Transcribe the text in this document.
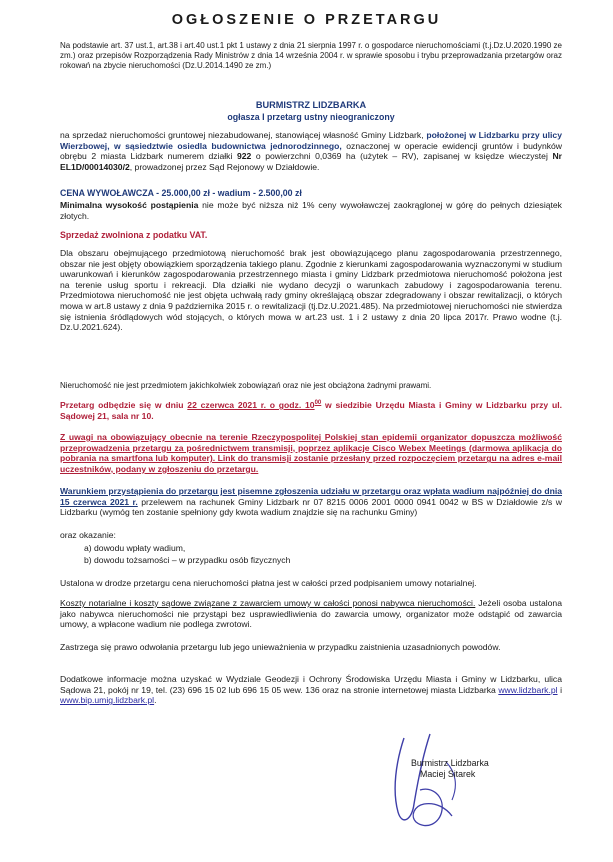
OGŁOSZENIE O PRZETARGU
Na podstawie art. 37 ust.1, art.38 i art.40 ust.1 pkt 1 ustawy z dnia 21 sierpnia 1997 r. o gospodarce nieruchomościami (t.j.Dz.U.2020.1990 ze zm.) oraz przepisów Rozporządzenia Rady Ministrów z dnia 14 września 2004 r. w sprawie sposobu i trybu przeprowadzania przetargów oraz rokowań na zbycie nieruchomości (Dz.U.2014.1490 ze zm.)
BURMISTRZ LIDZBARKA
ogłasza I przetarg ustny nieograniczony
na sprzedaż nieruchomości gruntowej niezabudowanej, stanowiącej własność Gminy Lidzbark, położonej w Lidzbarku przy ulicy Wierzbowej, w sąsiedztwie osiedla budownictwa jednorodzinnego, oznaczonej w operacie ewidencji gruntów i budynków obrębu 2 miasta Lidzbark numerem działki 922 o powierzchni 0,0369 ha (użytek – RV), zapisanej w księdze wieczystej Nr EL1D/00014030/2, prowadzonej przez Sąd Rejonowy w Działdowie.
CENA WYWOŁAWCZA - 25.000,00 zł - wadium - 2.500,00 zł
Minimalna wysokość postąpienia nie może być niższa niż 1% ceny wywoławczej zaokrąglonej w górę do pełnych dziesiątek złotych.
Sprzedaż zwolniona z podatku VAT.
Dla obszaru obejmującego przedmiotową nieruchomość brak jest obowiązującego planu zagospodarowania przestrzennego, obszar nie jest objęty obowiązkiem sporządzenia takiego planu. Zgodnie z kierunkami zagospodarowania wyznaczonymi w studium uwarunkowań i kierunków zagospodarowania przestrzennego miasta i gminy Lidzbark przedmiotowa nieruchomość położona jest na terenie usług sportu i rekreacji. Dla działki nie wydano decyzji o warunkach zabudowy i zagospodarowania terenu. Przedmiotowa nieruchomość nie jest objęta uchwałą rady gminy określającą obszar zdegradowany i obszar rewitalizacji, o których mowa w art.8 ustawy z dnia 9 października 2015 r. o rewitalizacji (tj.Dz.U.2021.485). Na przedmiotowej nieruchomości nie stwierdza się istnienia śródlądowych wód stojących, o których mowa w art.23 ust. 1 i 2 ustawy z dnia 20 lipca 2017r. Prawo wodne (t.j. Dz.U.2021.624).
Nieruchomość nie jest przedmiotem jakichkolwiek zobowiązań oraz nie jest obciążona żadnymi prawami.
Przetarg odbędzie się w dniu 22 czerwca 2021 r. o godz. $10^{00}$ w siedzibie Urzędu Miasta i Gminy w Lidzbarku przy ul. Sądowej 21, sala nr 10.
Z uwagi na obowiązujący obecnie na terenie Rzeczypospolitej Polskiej stan epidemii organizator dopuszcza możliwość przeprowadzenia przetargu za pośrednictwem transmisji, poprzez aplikacje Cisco Webex Meetings (darmowa aplikacja do pobrania na smartfona lub komputer). Link do transmisji zostanie przesłany przed rozpoczęciem przetargu na adres e-mail uczestników, podany w zgłoszeniu do przetargu.
Warunkiem przystąpienia do przetargu jest pisemne zgłoszenia udziału w przetargu oraz wpłata wadium najpóźniej do dnia 15 czerwca 2021 r. przelewem na rachunek Gminy Lidzbark nr 07 8215 0006 2001 0000 0941 0042 w BS w Działdowie z/s w Lidzbarku (wymóg ten zostanie spełniony gdy kwota wadium znajdzie się na rachunku Gminy)
oraz okazanie:
a) dowodu wpłaty wadium,
b) dowodu tożsamości – w przypadku osób fizycznych
Ustalona w drodze przetargu cena nieruchomości płatna jest w całości przed podpisaniem umowy notarialnej.
Koszty notarialne i koszty sądowe związane z zawarciem umowy w całości ponosi nabywca nieruchomości. Jeżeli osoba ustalona jako nabywca nieruchomości nie przystąpi bez usprawiedliwienia do zawarcia umowy, organizator może odstąpić od zawarcia umowy, a wpłacone wadium nie podlega zwrotowi.
Zastrzega się prawo odwołania przetargu lub jego unieważnienia w przypadku zaistnienia uzasadnionych powodów.
Dodatkowe informacje można uzyskać w Wydziale Geodezji i Ochrony Środowiska Urzędu Miasta i Gminy w Lidzbarku, ulica Sądowa 21, pokój nr 19, tel. (23) 696 15 02 lub 696 15 05 wew. 136 oraz na stronie internetowej miasta Lidzbarka www.lidzbark.pl i www.bip.umig.lidzbark.pl.
Burmistrz Lidzbarka
Maciej Sitarek
